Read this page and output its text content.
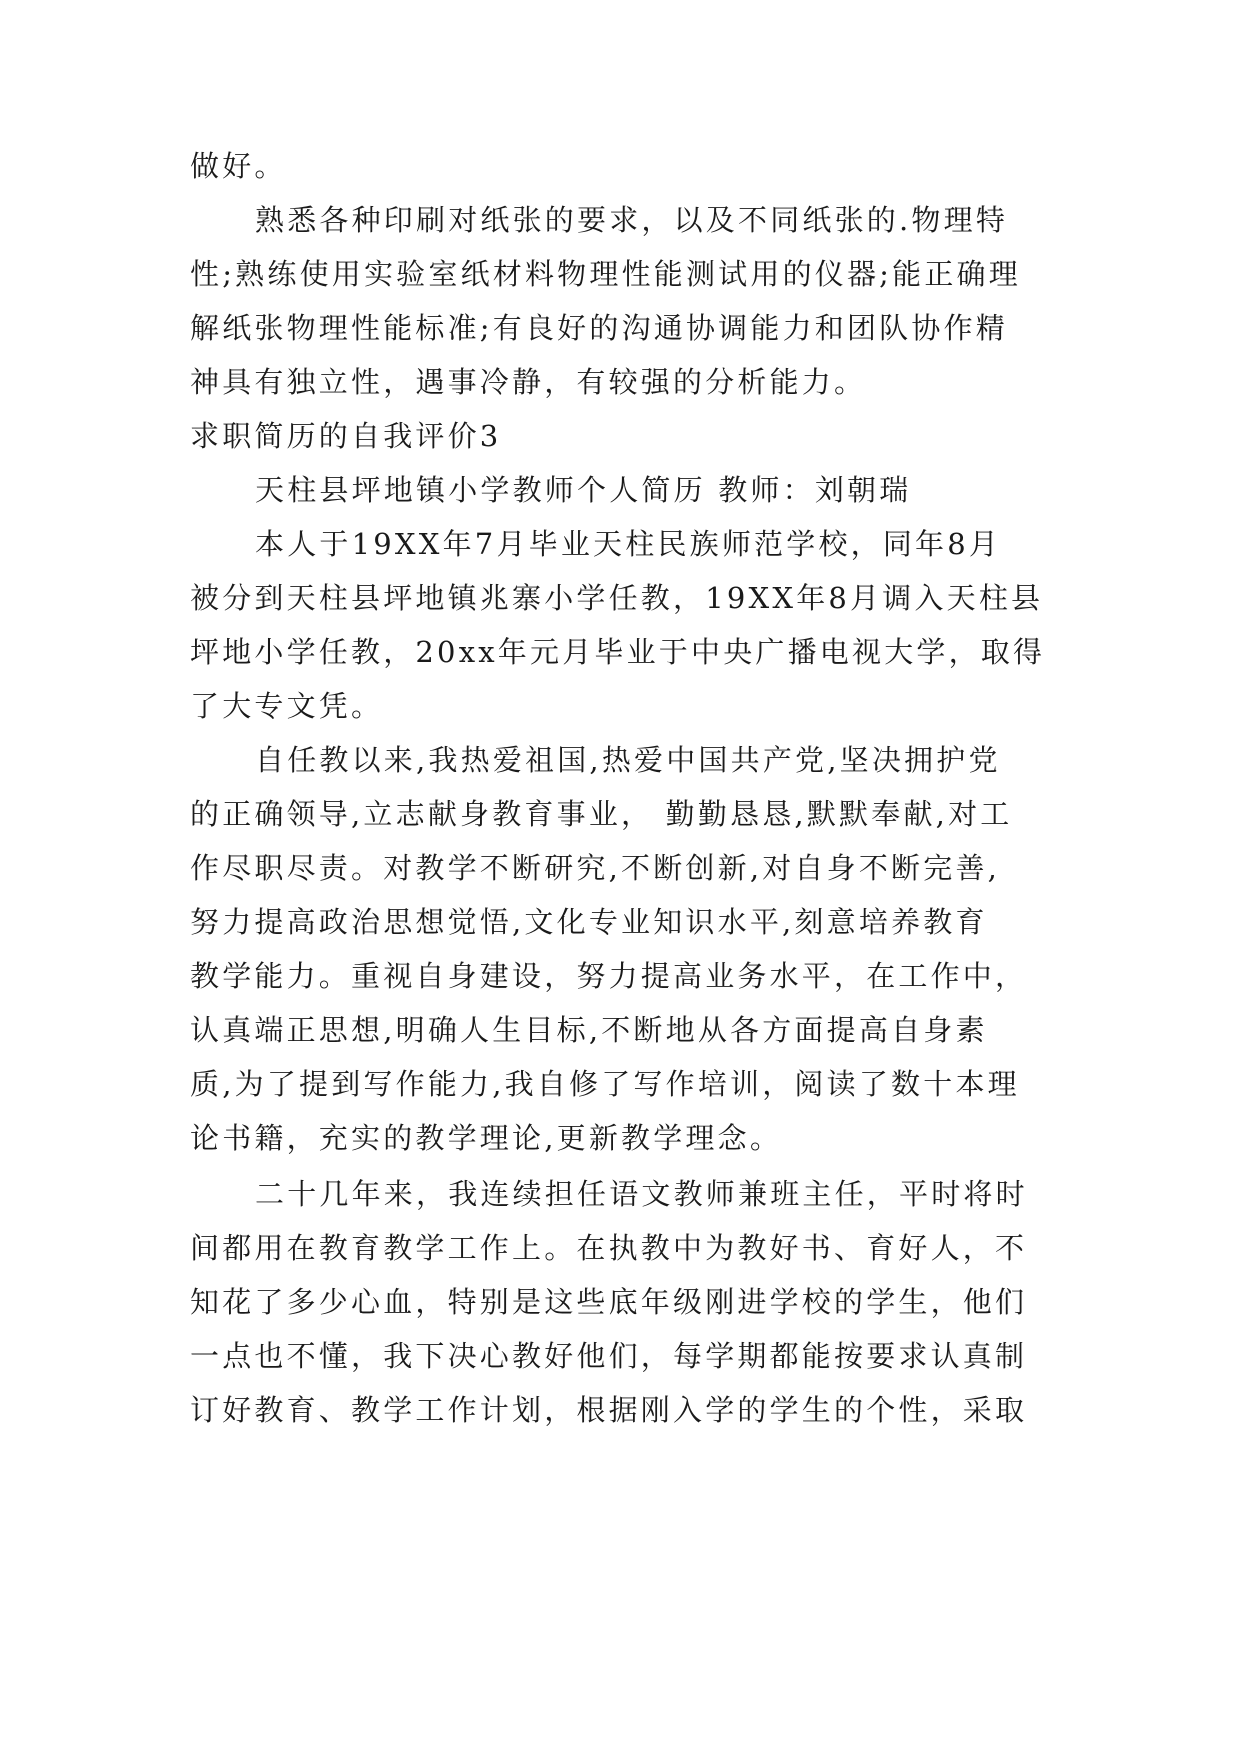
做好。
熟悉各种印刷对纸张的要求，以及不同纸张的.物理特
性;熟练使用实验室纸材料物理性能测试用的仪器;能正确理
解纸张物理性能标准;有良好的沟通协调能力和团队协作精
神具有独立性，遇事冷静，有较强的分析能力。
求职简历的自我评价3
天柱县坪地镇小学教师个人简历 教师：刘朝瑞
本人于19XX年7月毕业天柱民族师范学校，同年8月
被分到天柱县坪地镇兆寨小学任教，19XX年8月调入天柱县
坪地小学任教，20xx年元月毕业于中央广播电视大学，取得
了大专文凭。
自任教以来,我热爱祖国,热爱中国共产党,坚决拥护党
的正确领导,立志献身教育事业， 勤勤恳恳,默默奉献,对工
作尽职尽责。对教学不断研究,不断创新,对自身不断完善,
努力提高政治思想觉悟,文化专业知识水平,刻意培养教育
教学能力。重视自身建设，努力提高业务水平，在工作中，
认真端正思想,明确人生目标,不断地从各方面提高自身素
质,为了提到写作能力,我自修了写作培训，阅读了数十本理
论书籍，充实的教学理论,更新教学理念。
二十几年来，我连续担任语文教师兼班主任，平时将时
间都用在教育教学工作上。在执教中为教好书、育好人，不
知花了多少心血，特别是这些底年级刚进学校的学生，他们
一点也不懂，我下决心教好他们，每学期都能按要求认真制
订好教育、教学工作计划，根据刚入学的学生的个性，采取
